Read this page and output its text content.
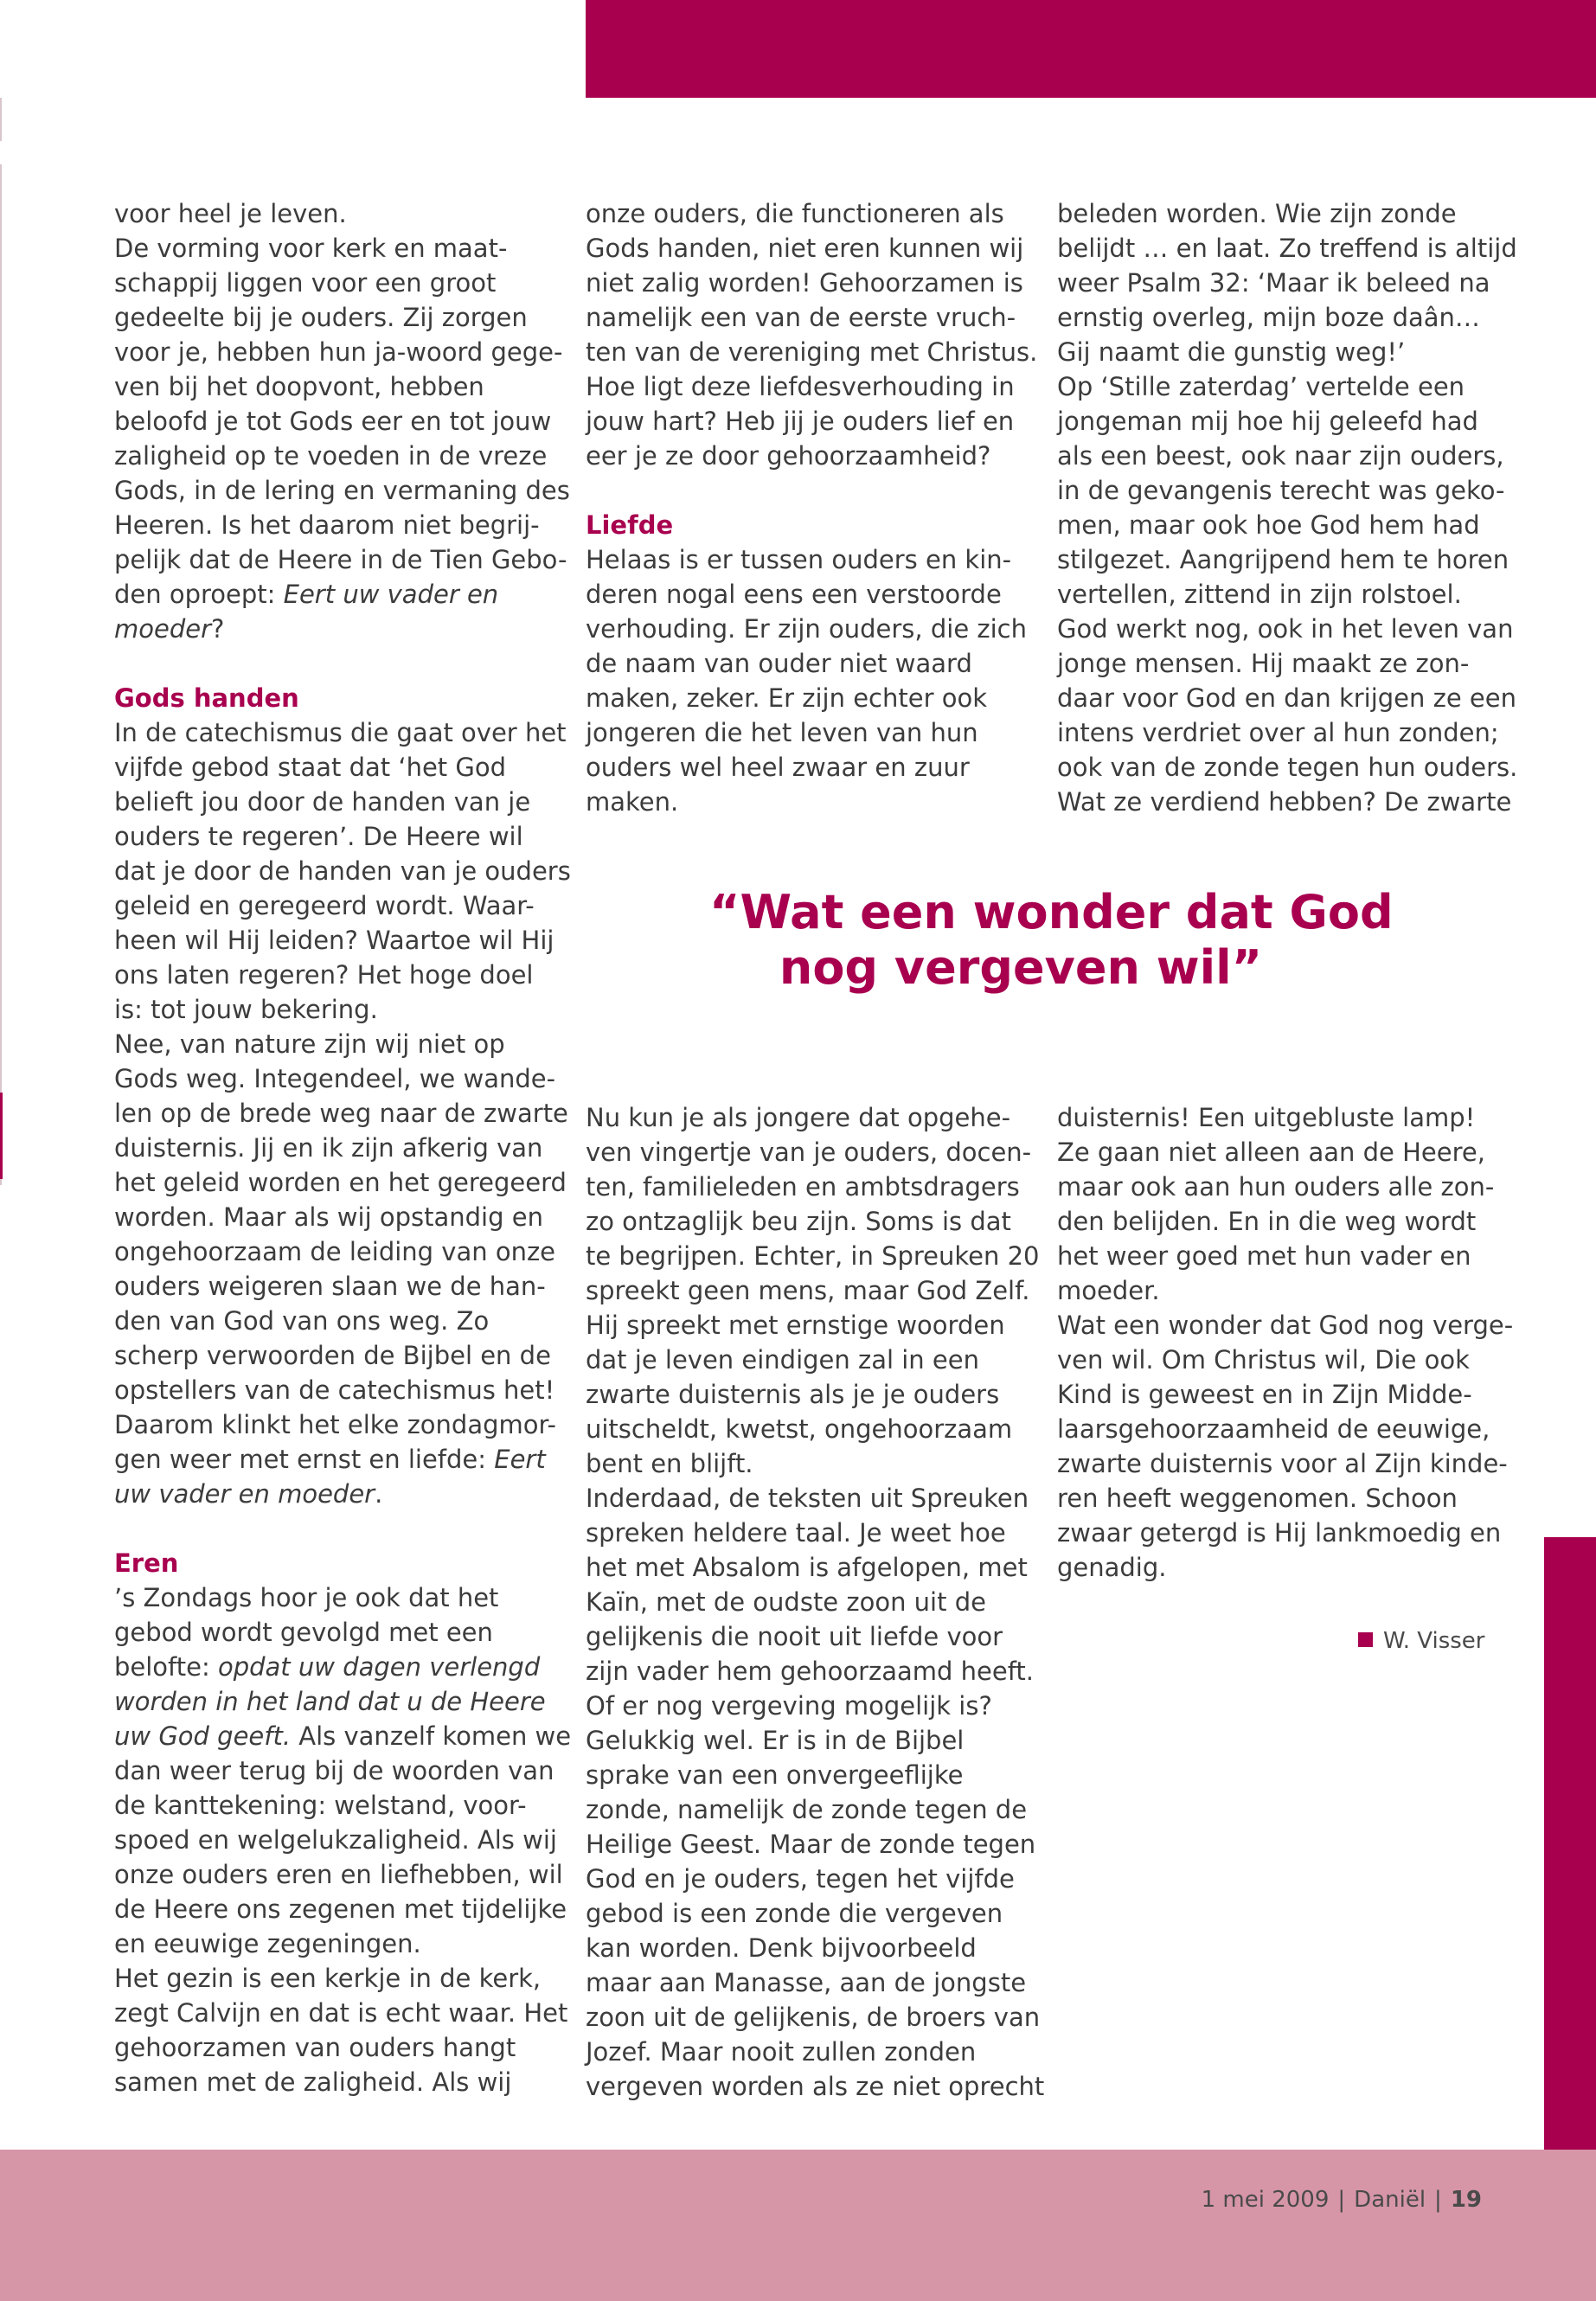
voor heel je leven.

De vorming voor kerk en maat-

schappij liggen voor een groot

gedeelte bij je ouders. Zij zorgen

voor je, hebben hun ja-woord gege-

ven bij het doopvont, hebben

beloofd je tot Gods eer en tot jouw

zaligheid op te voeden in de vreze

Gods, in de lering en vermaning des

Heeren. Is het daarom niet begrij-

pelijk dat de Heere in de Tien Gebo-

den oproept: Eert uw vader en

moeder?

Gods handen

In de catechismus die gaat over het

vijfde gebod staat dat ‘het God

belieft jou door de handen van je

ouders te regeren’. De Heere wil

dat je door de handen van je ouders

geleid en geregeerd wordt. Waar-

heen wil Hij leiden? Waartoe wil Hij

ons laten regeren? Het hoge doel

is: tot jouw bekering.

Nee, van nature zijn wij niet op

Gods weg. Integendeel, we wande-

len op de brede weg naar de zwarte

duisternis. Jij en ik zijn afkerig van

het geleid worden en het geregeerd

worden. Maar als wij opstandig en

ongehoorzaam de leiding van onze

ouders weigeren slaan we de han-

den van God van ons weg. Zo

scherp verwoorden de Bijbel en de

opstellers van de catechismus het!

Daarom klinkt het elke zondagmor-

gen weer met ernst en liefde: Eert

uw vader en moeder.

Eren

’s Zondags hoor je ook dat het

gebod wordt gevolgd met een

belofte: opdat uw dagen verlengd

worden in het land dat u de Heere

uw God geeft. Als vanzelf komen we

dan weer terug bij de woorden van

de kanttekening: welstand, voor-

spoed en welgelukzaligheid. Als wij

onze ouders eren en liefhebben, wil

de Heere ons zegenen met tijdelijke

en eeuwige zegeningen.

Het gezin is een kerkje in de kerk,

zegt Calvijn en dat is echt waar. Het

gehoorzamen van ouders hangt

samen met de zaligheid. Als wij

onze ouders, die functioneren als

Gods handen, niet eren kunnen wij

niet zalig worden! Gehoorzamen is

namelijk een van de eerste vruch-

ten van de vereniging met Christus.

Hoe ligt deze liefdesverhouding in

jouw hart? Heb jij je ouders lief en

eer je ze door gehoorzaamheid?

Liefde

Helaas is er tussen ouders en kin-

deren nogal eens een verstoorde

verhouding. Er zijn ouders, die zich

de naam van ouder niet waard

maken, zeker. Er zijn echter ook

jongeren die het leven van hun

ouders wel heel zwaar en zuur

maken.

beleden worden. Wie zijn zonde

belijdt … en laat. Zo treffend is altijd

weer Psalm 32: ‘Maar ik beleed na

ernstig overleg, mijn boze daân…

Gij naamt die gunstig weg!’

Op ‘Stille zaterdag’ vertelde een

jongeman mij hoe hij geleefd had

als een beest, ook naar zijn ouders,

in de gevangenis terecht was geko-

men, maar ook hoe God hem had

stilgezet. Aangrijpend hem te horen

vertellen, zittend in zijn rolstoel.

God werkt nog, ook in het leven van

jonge mensen. Hij maakt ze zon-

daar voor God en dan krijgen ze een

intens verdriet over al hun zonden;

ook van de zonde tegen hun ouders.

Wat ze verdiend hebben? De zwarte

“Wat een wonder dat God

nog vergeven wil”

Nu kun je als jongere dat opgehe-

ven vingertje van je ouders, docen-

ten, familieleden en ambtsdragers

zo ontzaglijk beu zijn. Soms is dat

te begrijpen. Echter, in Spreuken 20

spreekt geen mens, maar God Zelf.

Hij spreekt met ernstige woorden

dat je leven eindigen zal in een

zwarte duisternis als je je ouders

uitscheldt, kwetst, ongehoorzaam

bent en blijft.

Inderdaad, de teksten uit Spreuken

spreken heldere taal. Je weet hoe

het met Absalom is afgelopen, met

Kaïn, met de oudste zoon uit de

gelijkenis die nooit uit liefde voor

zijn vader hem gehoorzaamd heeft.

Of er nog vergeving mogelijk is?

Gelukkig wel. Er is in de Bijbel

sprake van een onvergeeflijke

zonde, namelijk de zonde tegen de

Heilige Geest. Maar de zonde tegen

God en je ouders, tegen het vijfde

gebod is een zonde die vergeven

kan worden. Denk bijvoorbeeld

maar aan Manasse, aan de jongste

zoon uit de gelijkenis, de broers van

Jozef. Maar nooit zullen zonden

vergeven worden als ze niet oprecht

duisternis! Een uitgebluste lamp!

Ze gaan niet alleen aan de Heere,

maar ook aan hun ouders alle zon-

den belijden. En in die weg wordt

het weer goed met hun vader en

moeder.

Wat een wonder dat God nog verge-

ven wil. Om Christus wil, Die ook

Kind is geweest en in Zijn Midde-

laarsgehoorzaamheid de eeuwige,

zwarte duisternis voor al Zijn kinde-

ren heeft weggenomen. Schoon

zwaar getergd is Hij lankmoedig en

genadig.

W. Visser
1 mei 2009 | Daniël | 19
